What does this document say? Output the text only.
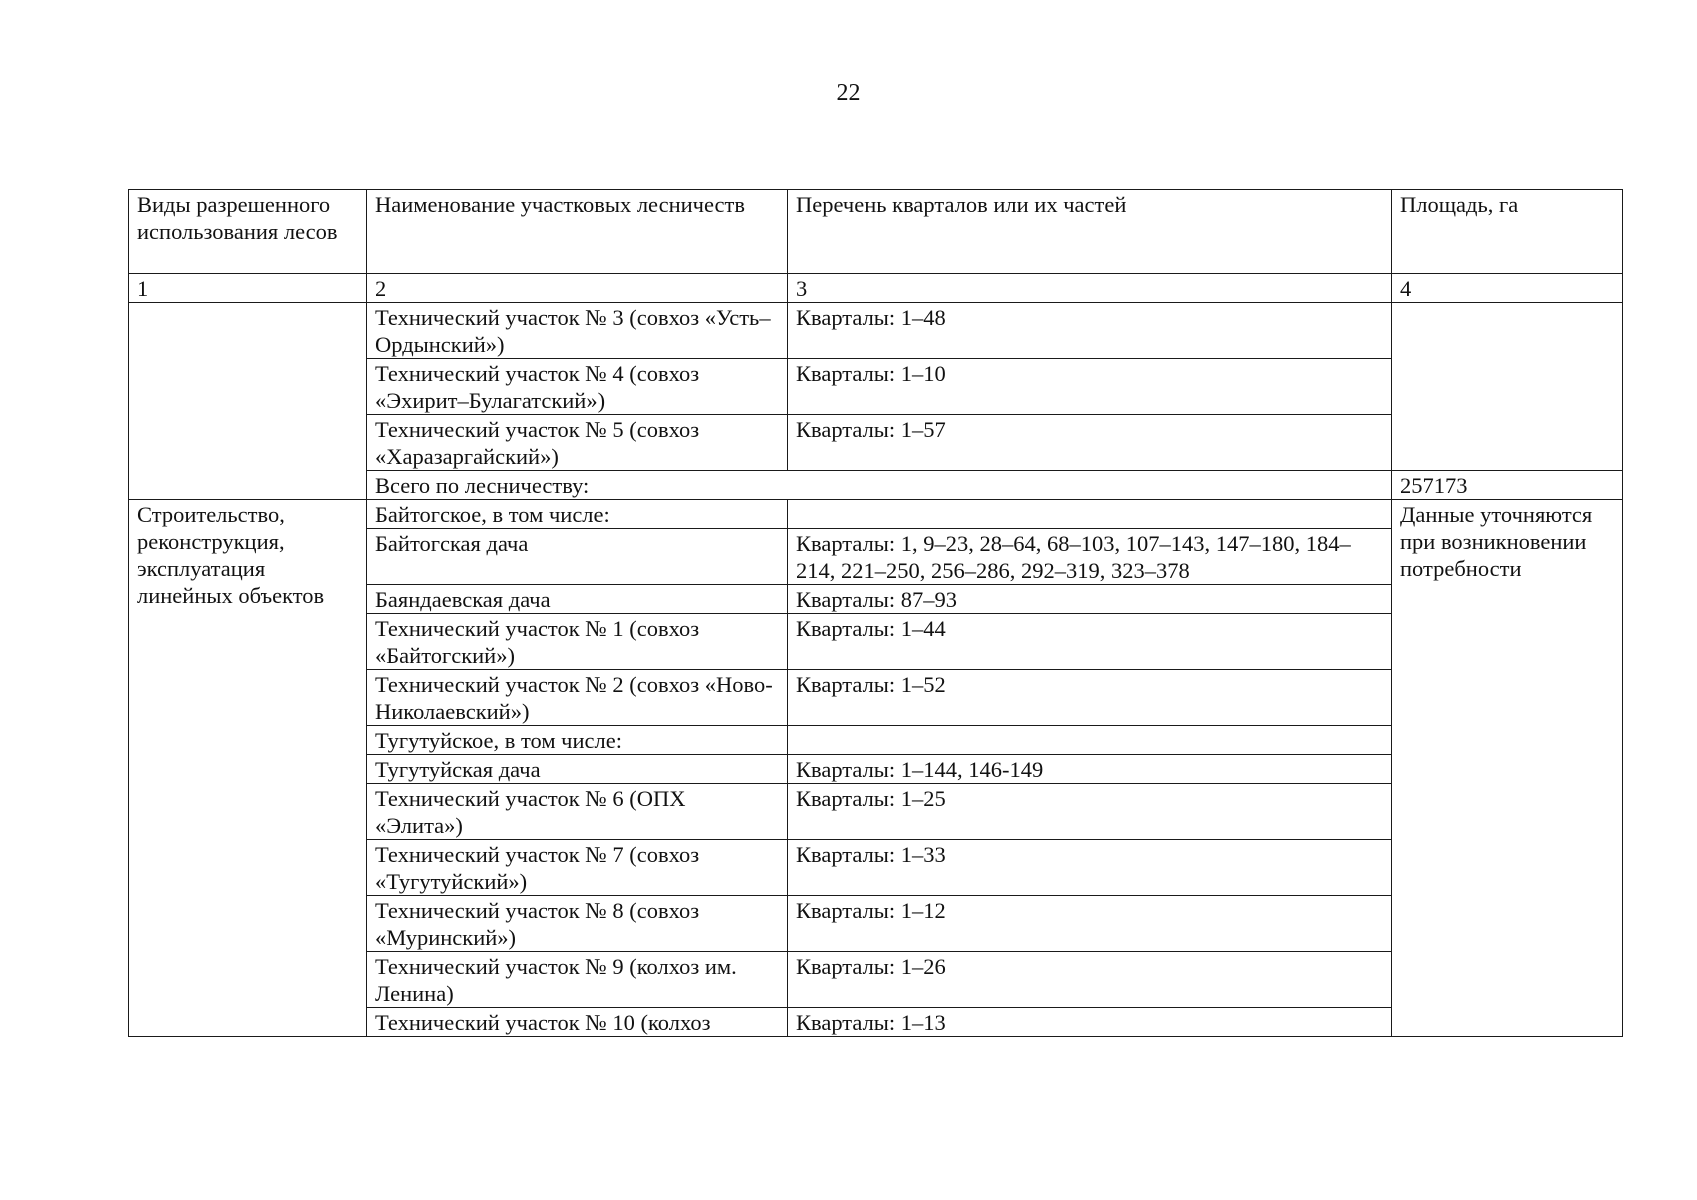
22
Виды разрешенного использования лесов	Наименование участковых лесничеств	Перечень кварталов или их частей	Площадь, га
1	2	3	4
	Технический участок № 3 (совхоз «Усть–Ордынский»)	Кварталы: 1–48	
	Технический участок № 4 (совхоз «Эхирит–Булагатский»)	Кварталы: 1–10	
	Технический участок № 5 (совхоз «Харазаргайский»)	Кварталы: 1–57	
	Всего по лесничеству:		257173
Строительство, реконструкция, эксплуатация линейных объектов	Байтогское, в том числе:		Данные уточняются при возникновении потребности
	Байтогская дача	Кварталы: 1, 9–23, 28–64, 68–103, 107–143, 147–180, 184–214, 221–250, 256–286, 292–319, 323–378	
	Баяндаевская дача	Кварталы: 87–93	
	Технический участок № 1 (совхоз «Байтогский»)	Кварталы: 1–44	
	Технический участок № 2 (совхоз «Ново-Николаевский»)	Кварталы: 1–52	
	Тугутуйское, в том числе:		
	Тугутуйская дача	Кварталы: 1–144, 146-149	
	Технический участок № 6 (ОПХ «Элита»)	Кварталы: 1–25	
	Технический участок № 7 (совхоз «Тугутуйский»)	Кварталы: 1–33	
	Технический участок № 8 (совхоз «Муринский»)	Кварталы: 1–12	
	Технический участок № 9 (колхоз им. Ленина)	Кварталы: 1–26	
	Технический участок № 10 (колхоз	Кварталы: 1–13	
